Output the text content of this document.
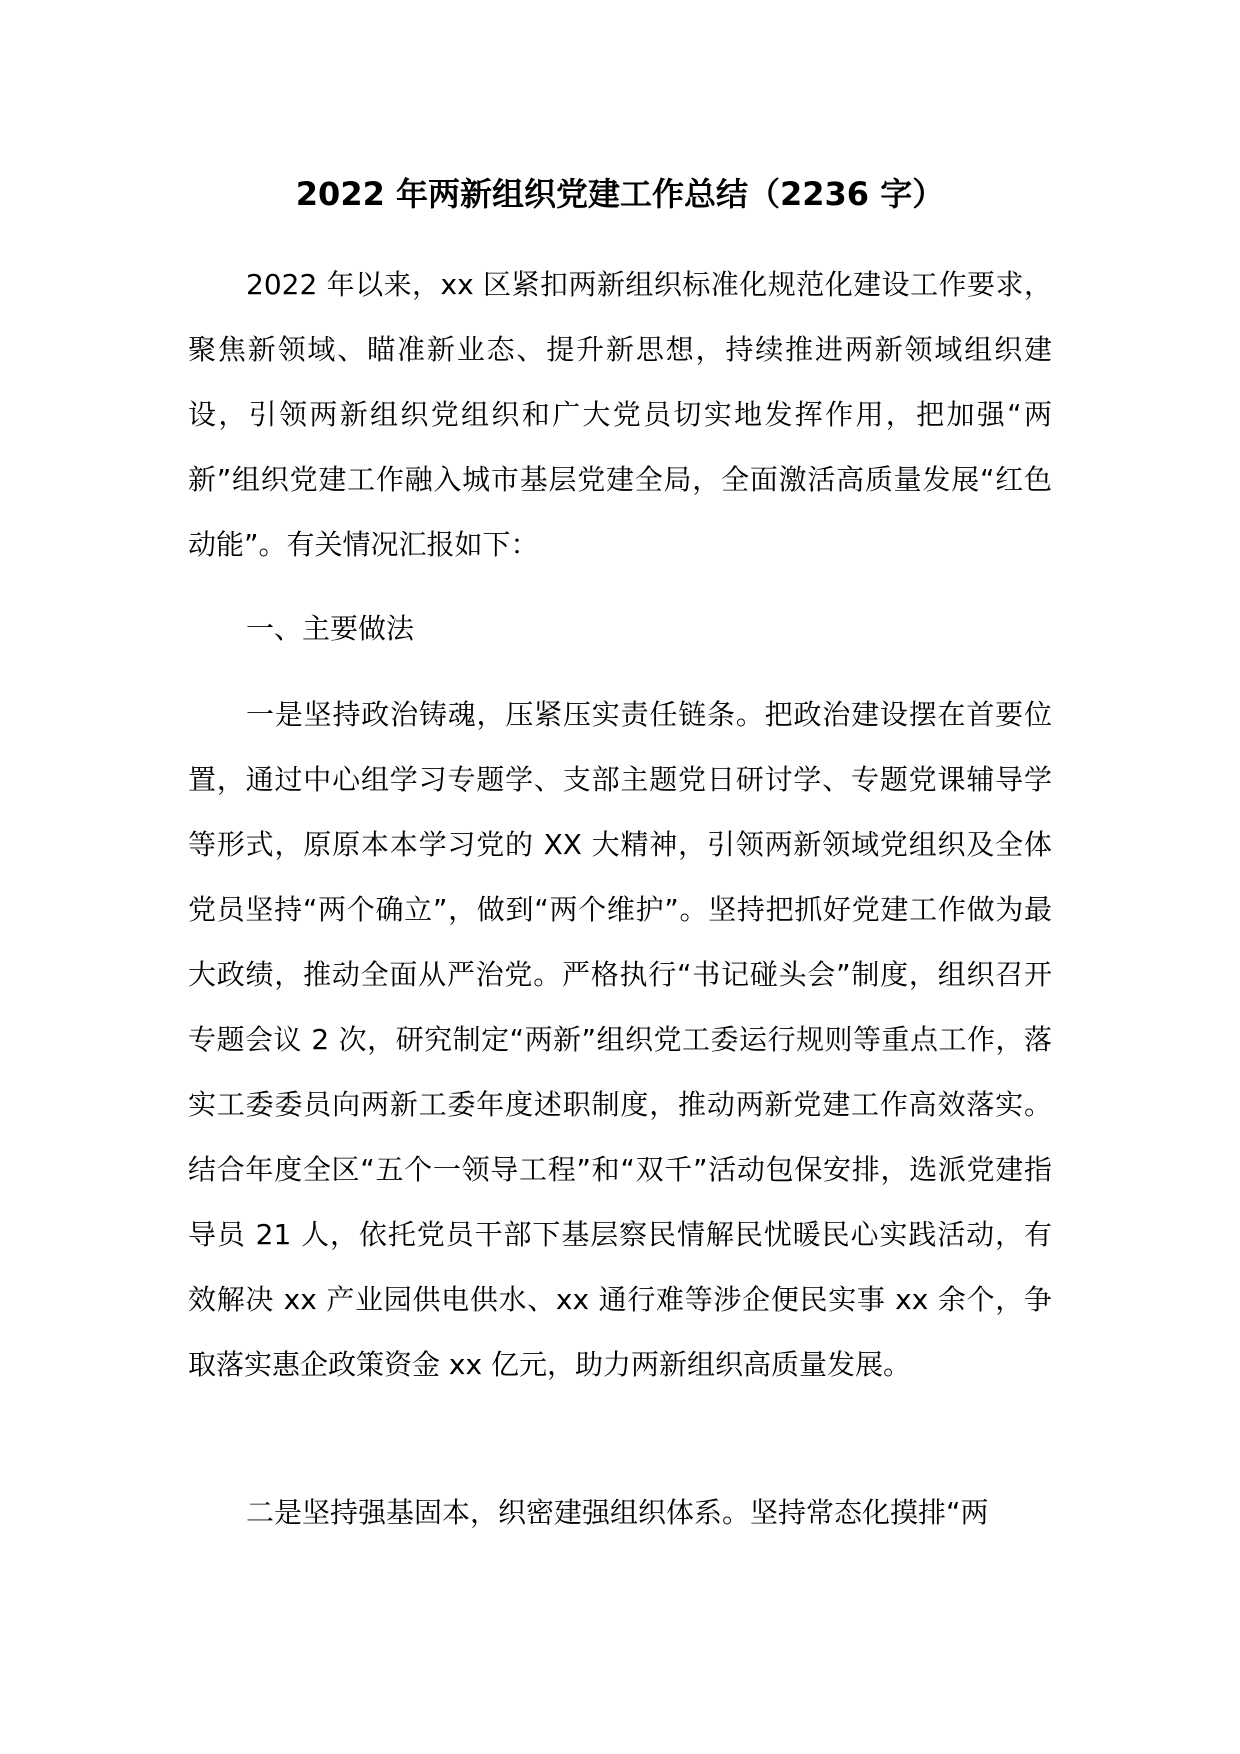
2022 年两新组织党建工作总结（2236 字）

2022 年以来，xx 区紧扣两新组织标准化规范化建设工作要求，聚焦新领域、瞄准新业态、提升新思想，持续推进两新领域组织建设，引领两新组织党组织和广大党员切实地发挥作用，把加强“两新”组织党建工作融入城市基层党建全局，全面激活高质量发展“红色动能”。有关情况汇报如下：

一、主要做法

一是坚持政治铸魂，压紧压实责任链条。把政治建设摆在首要位置，通过中心组学习专题学、支部主题党日研讨学、专题党课辅导学等形式，原原本本学习党的 XX 大精神，引领两新领域党组织及全体党员坚持“两个确立”，做到“两个维护”。坚持把抓好党建工作做为最大政绩，推动全面从严治党。严格执行“书记碰头会”制度，组织召开专题会议 2 次，研究制定“两新”组织党工委运行规则等重点工作，落实工委委员向两新工委年度述职制度，推动两新党建工作高效落实。结合年度全区“五个一领导工程”和“双千”活动包保安排，选派党建指导员 21 人，依托党员干部下基层察民情解民忧暖民心实践活动，有效解决 xx 产业园供电供水、xx 通行难等涉企便民实事 xx 余个，争取落实惠企政策资金 xx 亿元，助力两新组织高质量发展。

二是坚持强基固本，织密建强组织体系。坚持常态化摸排“两
